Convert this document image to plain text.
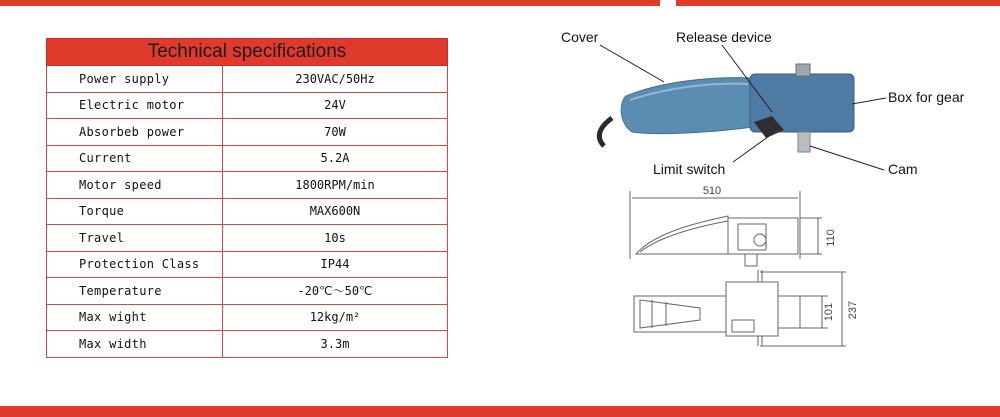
Technical specifications	
Power supply	230VAC/50Hz
Electric motor	24V
Absorbeb power	70W
Current	5.2A
Motor speed	1800RPM/min
Torque	MAX600N
Travel	10s
Protection Class	IP44
Temperature	-20℃～50℃
Max wight	12kg/m²
Max width	3.3m
Cover	Release device
Box for gear
Limit switch	Cam
510
110
101 237
